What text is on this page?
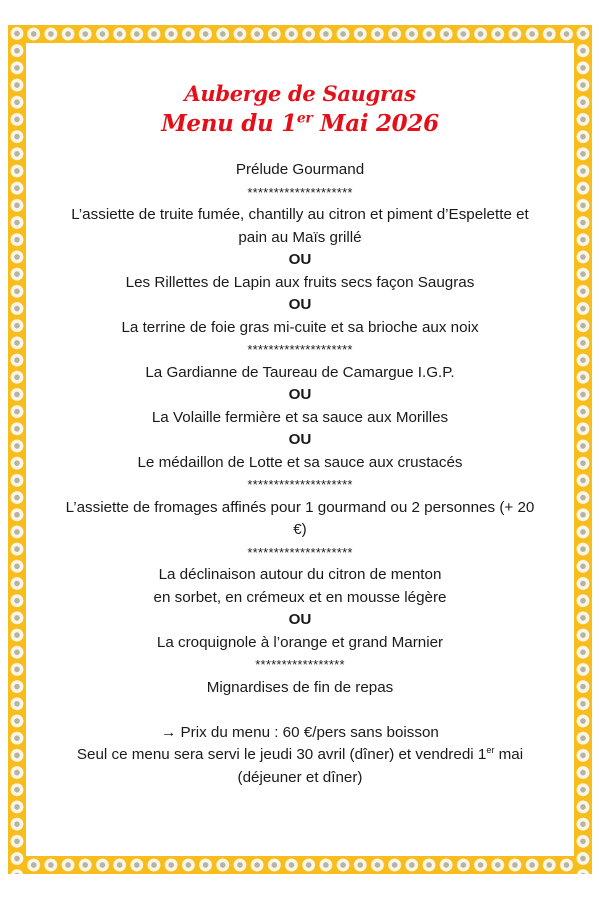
Auberge de Saugras
Menu du 1er Mai 2026
Prélude Gourmand
********************
L’assiette de truite fumée, chantilly au citron et piment d’Espelette et
pain au Maïs grillé
OU
Les Rillettes de Lapin aux fruits secs façon Saugras
OU
La terrine de foie gras mi-cuite et sa brioche aux noix
********************
La Gardianne de Taureau de Camargue I.G.P.
OU
La Volaille fermière et sa sauce aux Morilles
OU
Le médaillon de Lotte et sa sauce aux crustacés
********************
L’assiette de fromages affinés pour 1 gourmand ou 2 personnes (+ 20
€)
********************
La déclinaison autour du citron de menton
en sorbet, en crémeux et en mousse légère
OU
La croquignole à l’orange et grand Marnier
*****************
Mignardises de fin de repas
→ Prix du menu : 60 €/pers sans boisson
Seul ce menu sera servi le jeudi 30 avril (dîner) et vendredi 1er mai
(déjeuner et dîner)
